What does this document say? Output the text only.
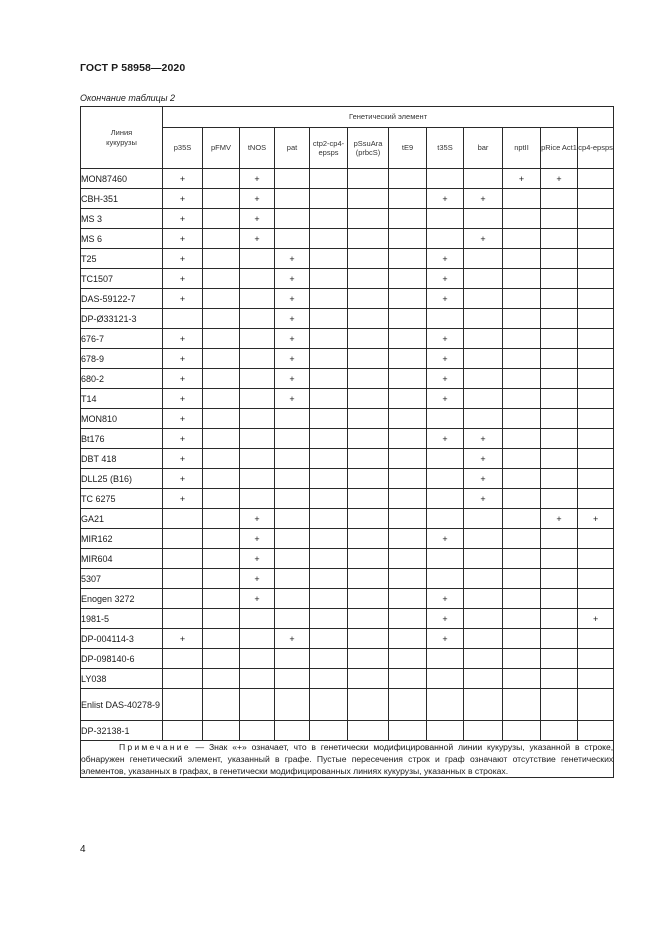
ГОСТ Р 58958—2020
Окончание таблицы 2
Линия кукурузы	Генетический элемент											
	p35S	pFMV	tNOS	pat	ctp2-cp4-epsps	pSsuAra (prbcS)	tE9	t35S	bar	nptII	pRice Act1	cp4-epsps
MON87460	+		+							+	+	
CBH-351	+		+					+	+			
MS 3	+		+									
MS 6	+		+						+			
T25	+			+				+				
TC1507	+			+				+				
DAS-59122-7	+			+				+				
DP-Ø33121-3				+								
676-7	+			+				+				
678-9	+			+				+				
680-2	+			+				+				
T14	+			+				+				
MON810	+											
Bt176	+							+	+			
DBT 418	+								+			
DLL25 (B16)	+								+			
TC 6275	+								+			
GA21			+								+	+
MIR162			+					+				
MIR604			+									
5307			+									
Enogen 3272			+					+				
1981-5								+				+
DP-004114-3	+			+				+				
DP-098140-6												
LY038												
Enlist DAS-40278-9												
DP-32138-1												
Примечание — Знак «+» означает, что в генетически модифицированной линии кукурузы, указанной в строке, обнаружен генетический элемент, указанный в графе. Пустые пересечения строк и граф означают отсутствие генетических элементов, указанных в графах, в генетически модифицированных линиях кукурузы, указанных в строках.												
4
